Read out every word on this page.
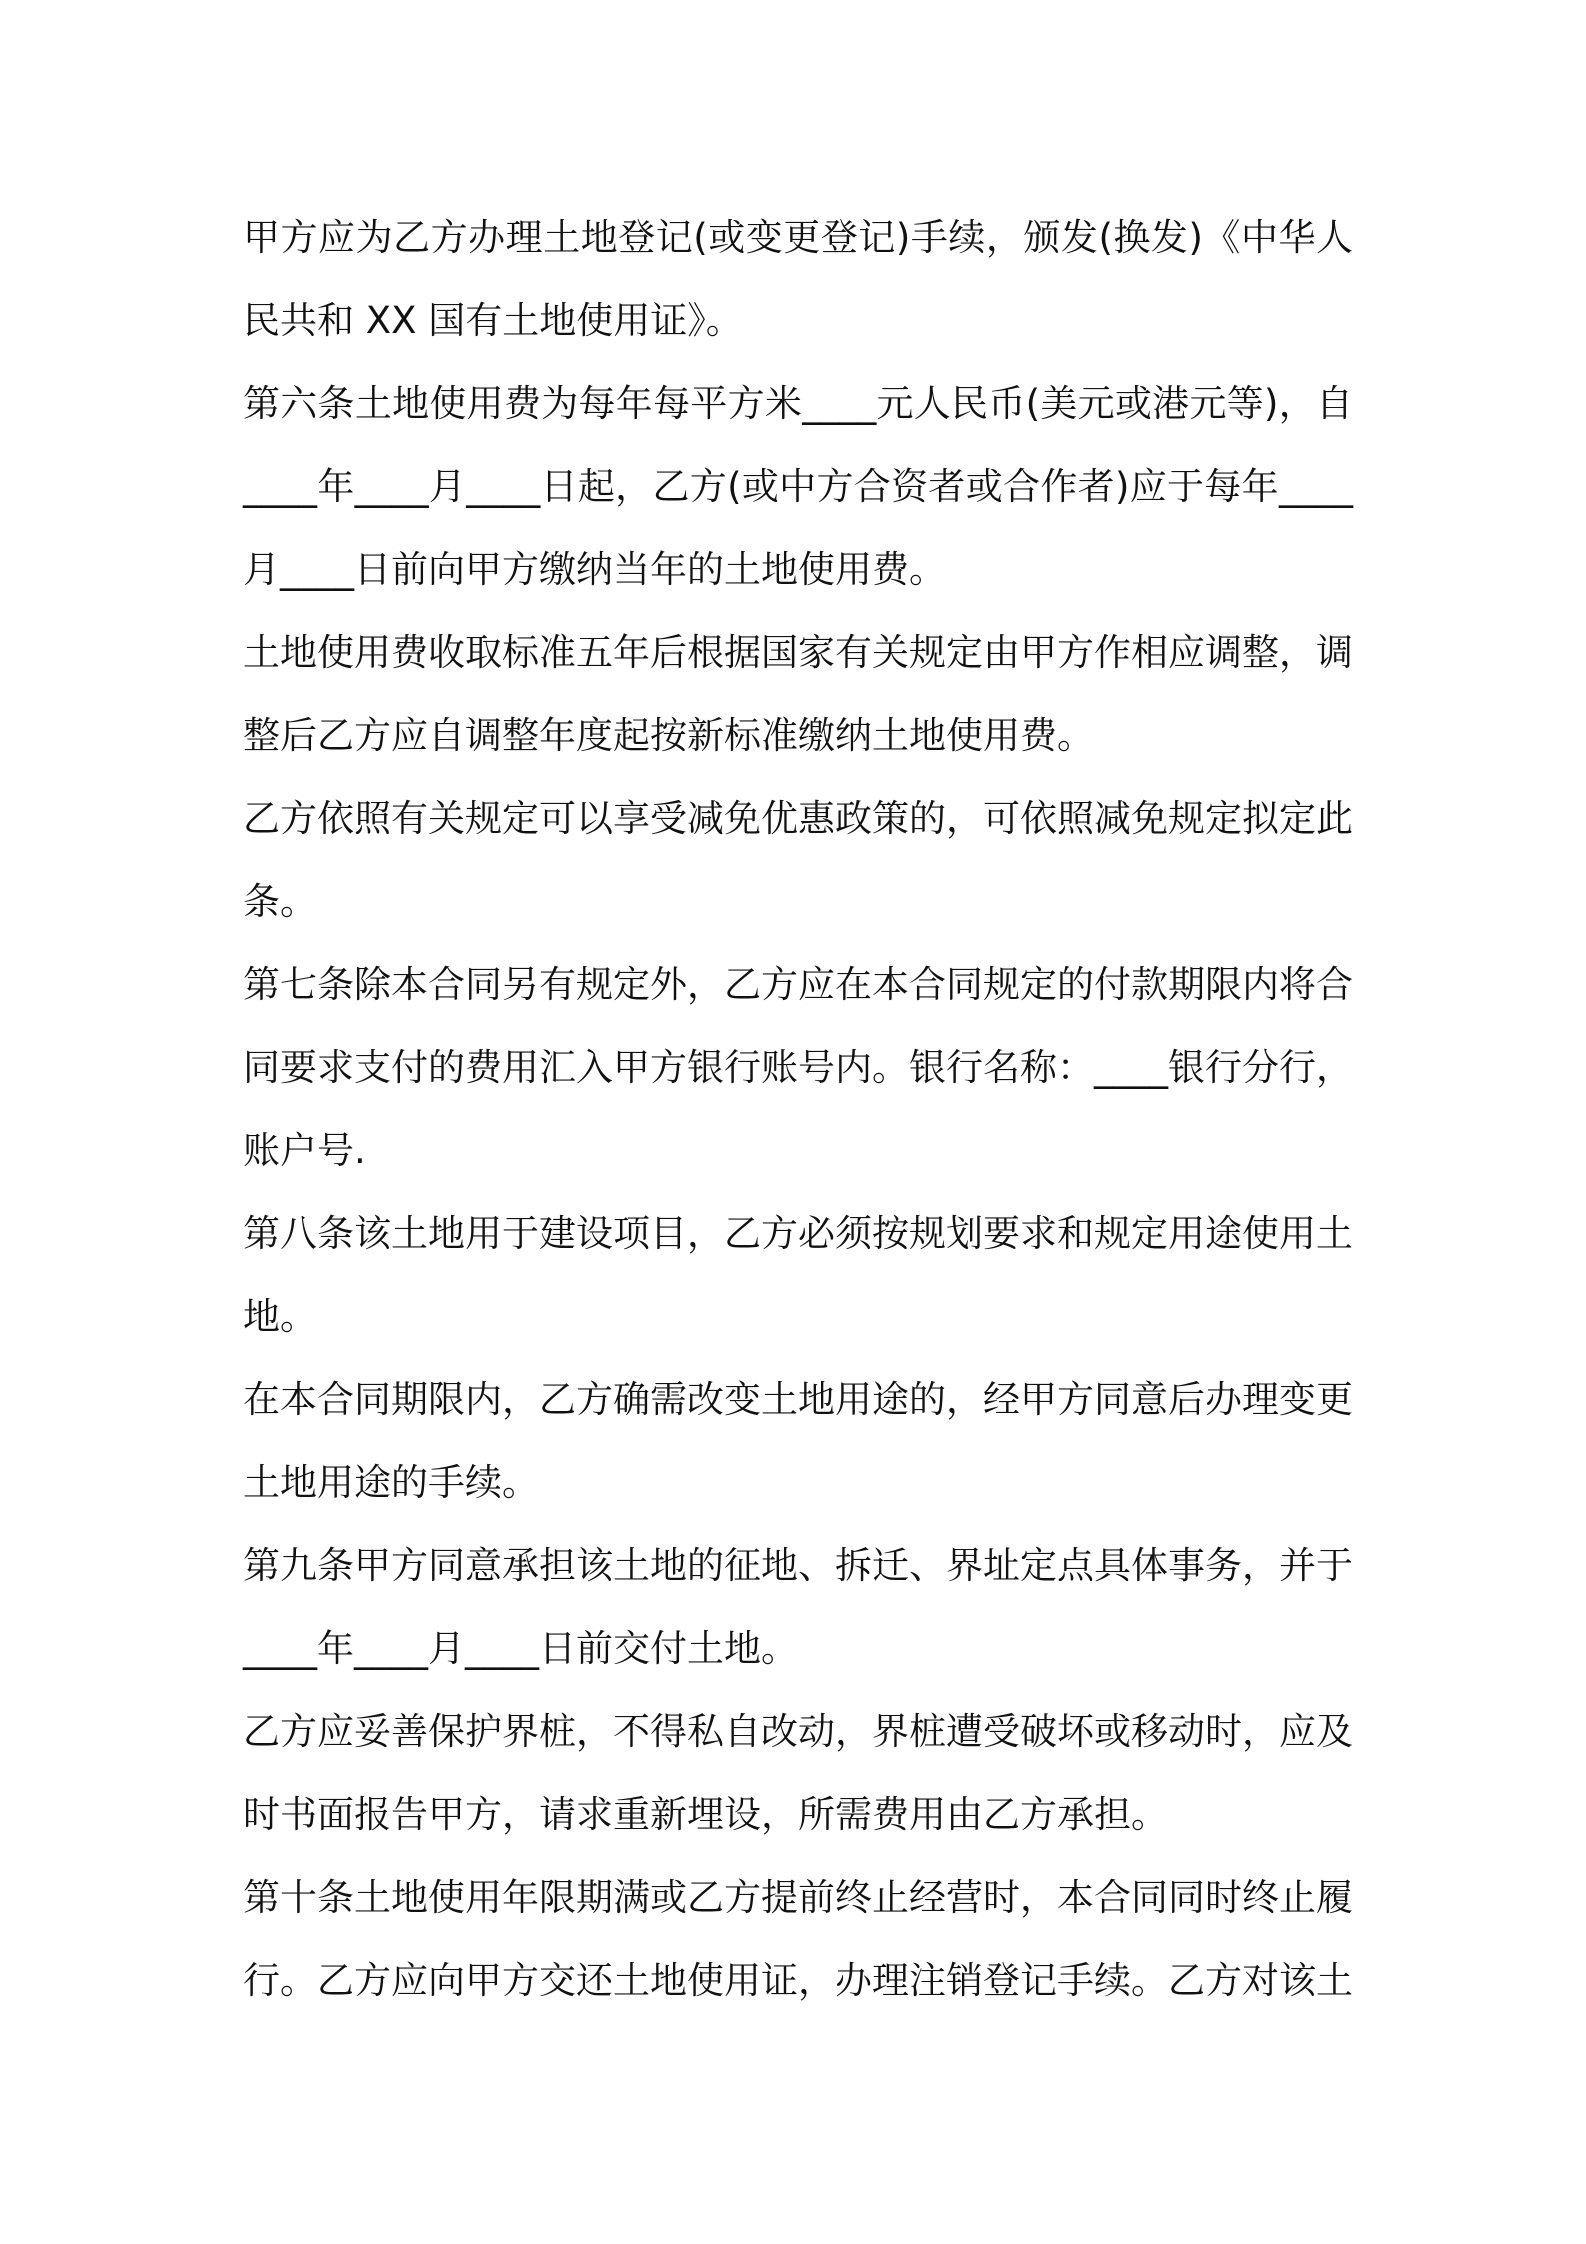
甲方应为乙方办理土地登记(或变更登记)手续，颁发(换发)《中华人民共和 XX 国有土地使用证》。

第六条土地使用费为每年每平方米____元人民币(美元或港元等)，自____年____月____日起，乙方(或中方合资者或合作者)应于每年____月____日前向甲方缴纳当年的土地使用费。

土地使用费收取标准五年后根据国家有关规定由甲方作相应调整，调整后乙方应自调整年度起按新标准缴纳土地使用费。

乙方依照有关规定可以享受减免优惠政策的，可依照减免规定拟定此条。

第七条除本合同另有规定外，乙方应在本合同规定的付款期限内将合同要求支付的费用汇入甲方银行账号内。银行名称：____银行分行，账户号.

第八条该土地用于建设项目，乙方必须按规划要求和规定用途使用土地。

在本合同期限内，乙方确需改变土地用途的，经甲方同意后办理变更土地用途的手续。

第九条甲方同意承担该土地的征地、拆迁、界址定点具体事务，并于____年____月____日前交付土地。

乙方应妥善保护界桩，不得私自改动，界桩遭受破坏或移动时，应及时书面报告甲方，请求重新埋设，所需费用由乙方承担。

第十条土地使用年限期满或乙方提前终止经营时，本合同同时终止履行。乙方应向甲方交还土地使用证，办理注销登记手续。乙方对该土
